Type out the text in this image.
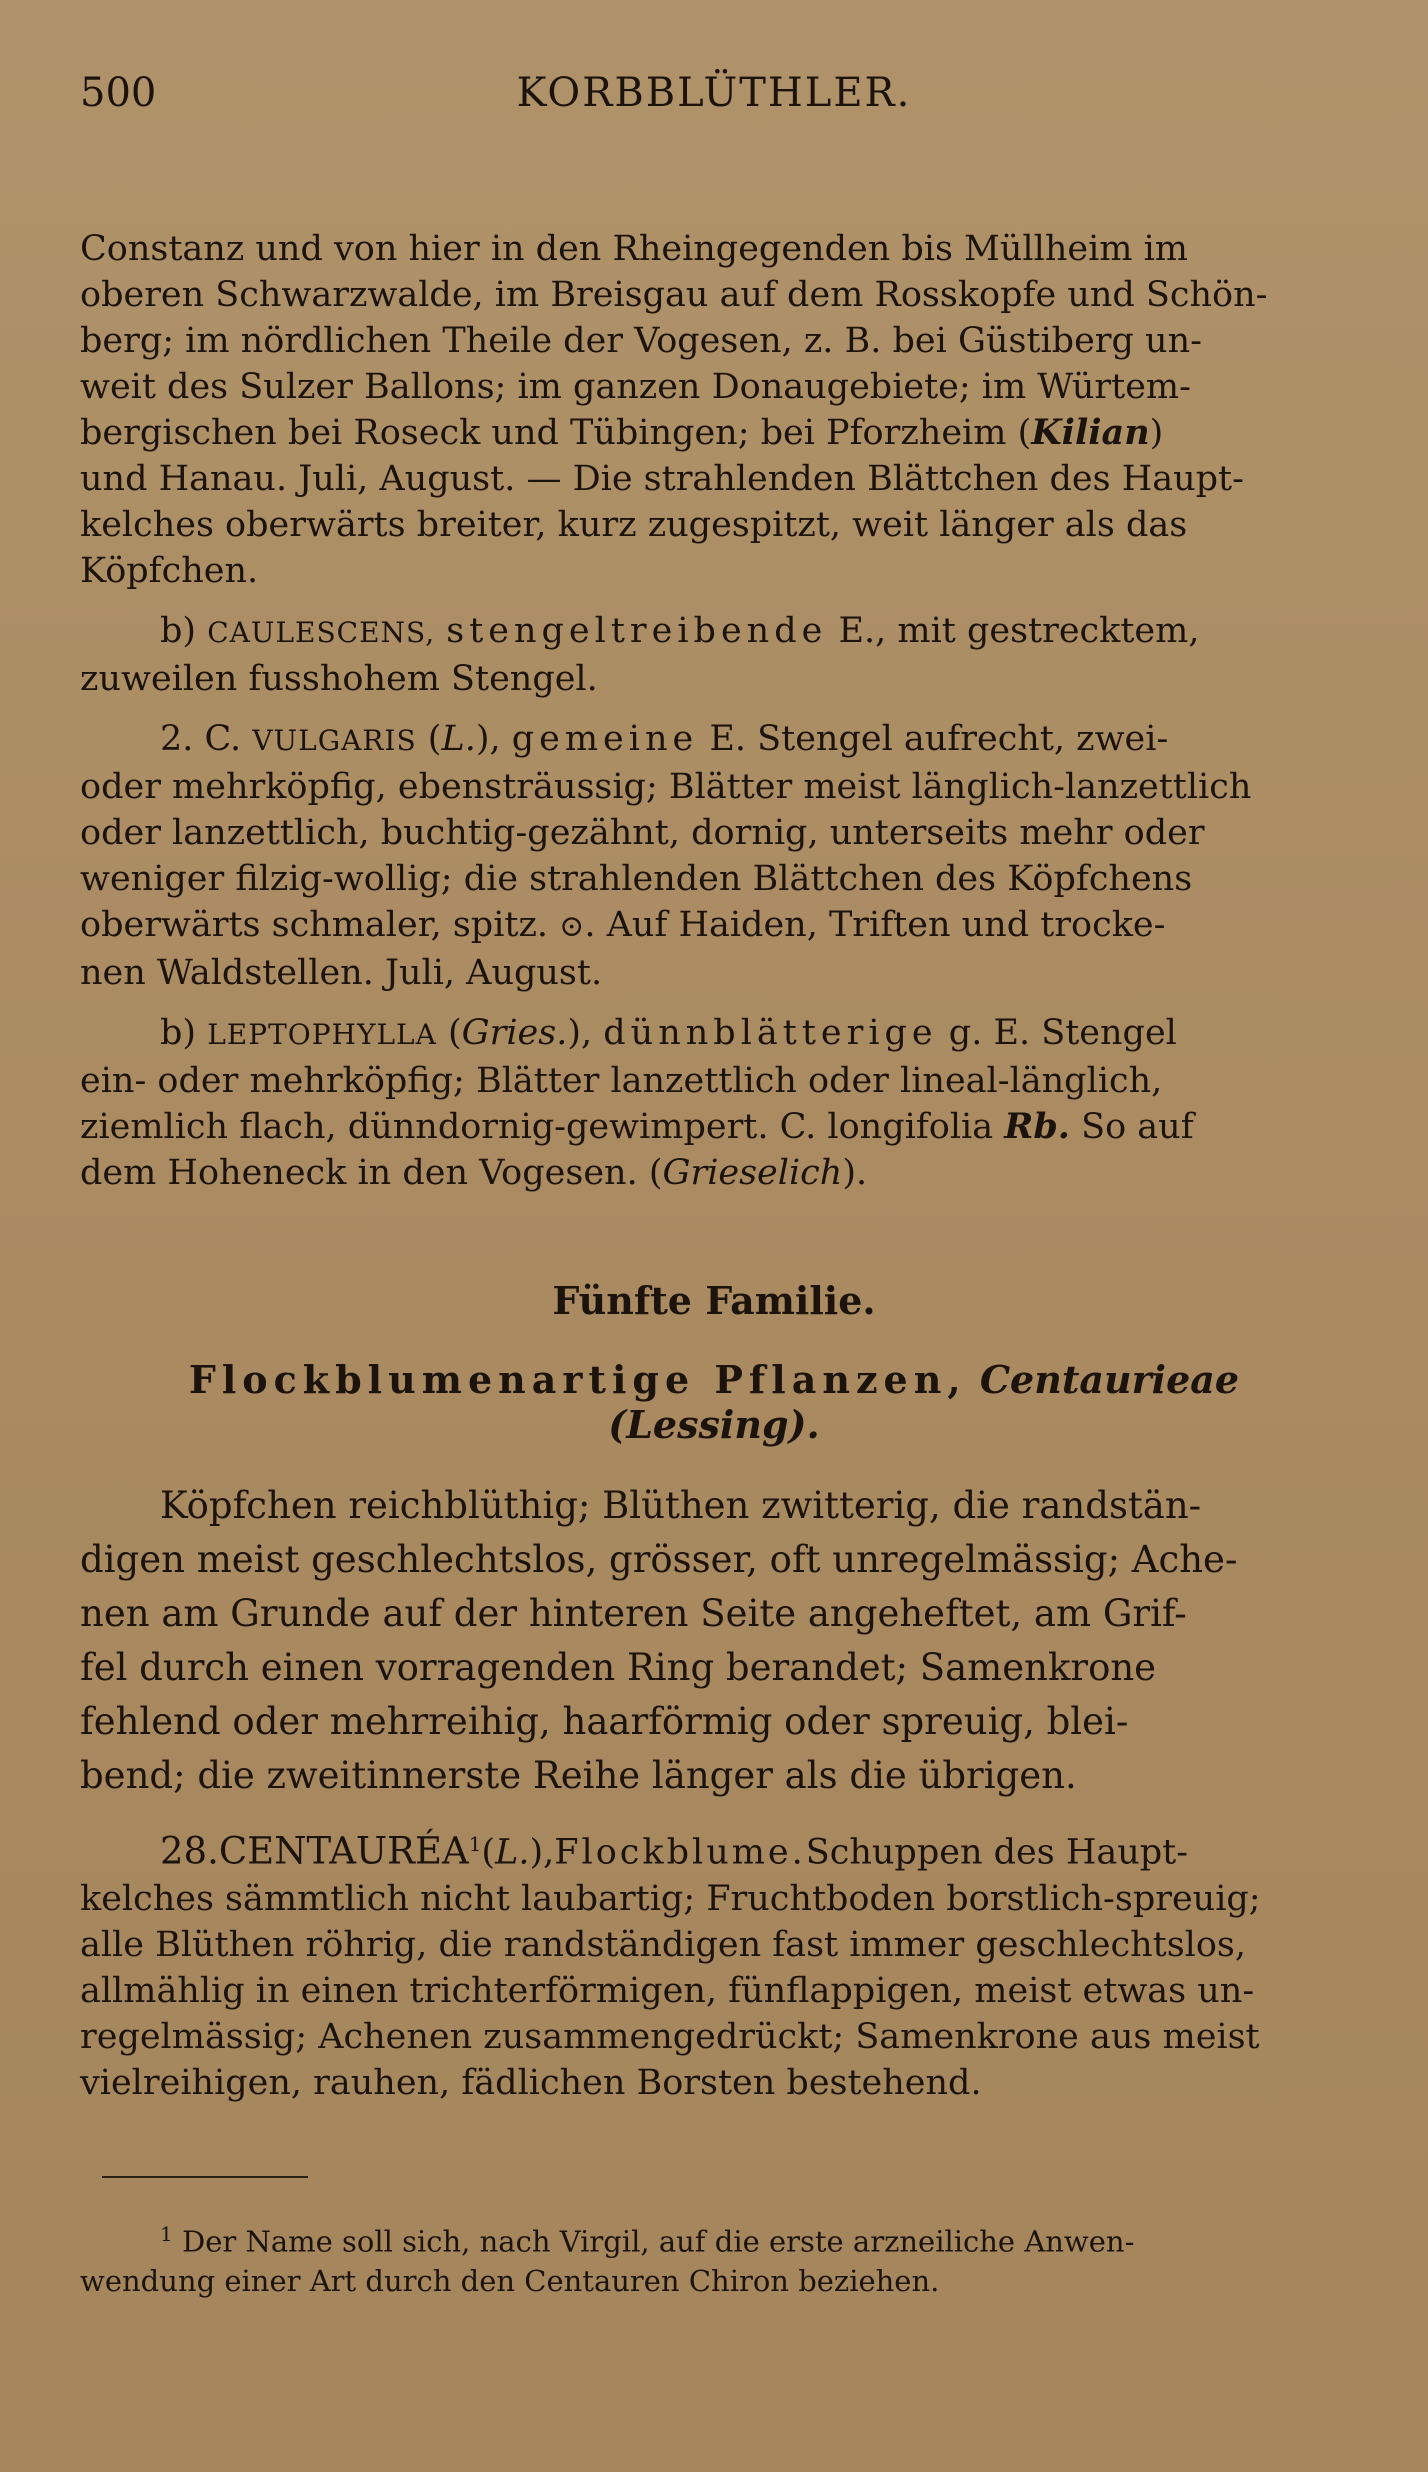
500	KORBBLÜTHLER.

Constanz und von hier in den Rheingegenden bis Müllheim im
oberen Schwarzwalde, im Breisgau auf dem Rosskopfe und Schön-
berg; im nördlichen Theile der Vogesen, z. B. bei Güstiberg un-
weit des Sulzer Ballons; im ganzen Donaugebiete; im Würtem-
bergischen bei Roseck und Tübingen; bei Pforzheim (Kilian)
und Hanau. Juli, August. — Die strahlenden Blättchen des Haupt-
kelches oberwärts breiter, kurz zugespitzt, weit länger als das
Köpfchen.

b) CAULESCENS, stengeltreibende E., mit gestrecktem,
zuweilen fusshohem Stengel.

2. C. VULGARIS (L.), gemeine E. Stengel aufrecht, zwei-
oder mehrköpfig, ebensträussig; Blätter meist länglich-lanzettlich
oder lanzettlich, buchtig-gezähnt, dornig, unterseits mehr oder
weniger filzig-wollig; die strahlenden Blättchen des Köpfchens
oberwärts schmaler, spitz. ⊙. Auf Haiden, Triften und trocke-
nen Waldstellen. Juli, August.

b) LEPTOPHYLLA (Gries.), dünnblätterige g. E. Stengel
ein- oder mehrköpfig; Blätter lanzettlich oder lineal-länglich,
ziemlich flach, dünndornig-gewimpert. C. longifolia Rb. So auf
dem Hoheneck in den Vogesen. (Grieselich).

Fünfte Familie.
Flockblumenartige Pflanzen, Centaurieae (Lessing).

Köpfchen reichblüthig; Blüthen zwitterig, die randstän-
digen meist geschlechtslos, grösser, oft unregelmässig; Ache-
nen am Grunde auf der hinteren Seite angeheftet, am Grif-
fel durch einen vorragenden Ring berandet; Samenkrone
fehlend oder mehrreihig, haarförmig oder spreuig, blei-
bend; die zweitinnerste Reihe länger als die übrigen.

28.CENTAURÉA$^1$(L.),Flockblume.Schuppen des Haupt-
kelches sämmtlich nicht laubartig; Fruchtboden borstlich-spreuig;
alle Blüthen röhrig, die randständigen fast immer geschlechtslos,
allmählig in einen trichterförmigen, fünflappigen, meist etwas un-
regelmässig; Achenen zusammengedrückt; Samenkrone aus meist
vielreihigen, rauhen, fädlichen Borsten bestehend.

$^1$ Der Name soll sich, nach Virgil, auf die erste arzneiliche Anwen-
wendung einer Art durch den Centauren Chiron beziehen.
